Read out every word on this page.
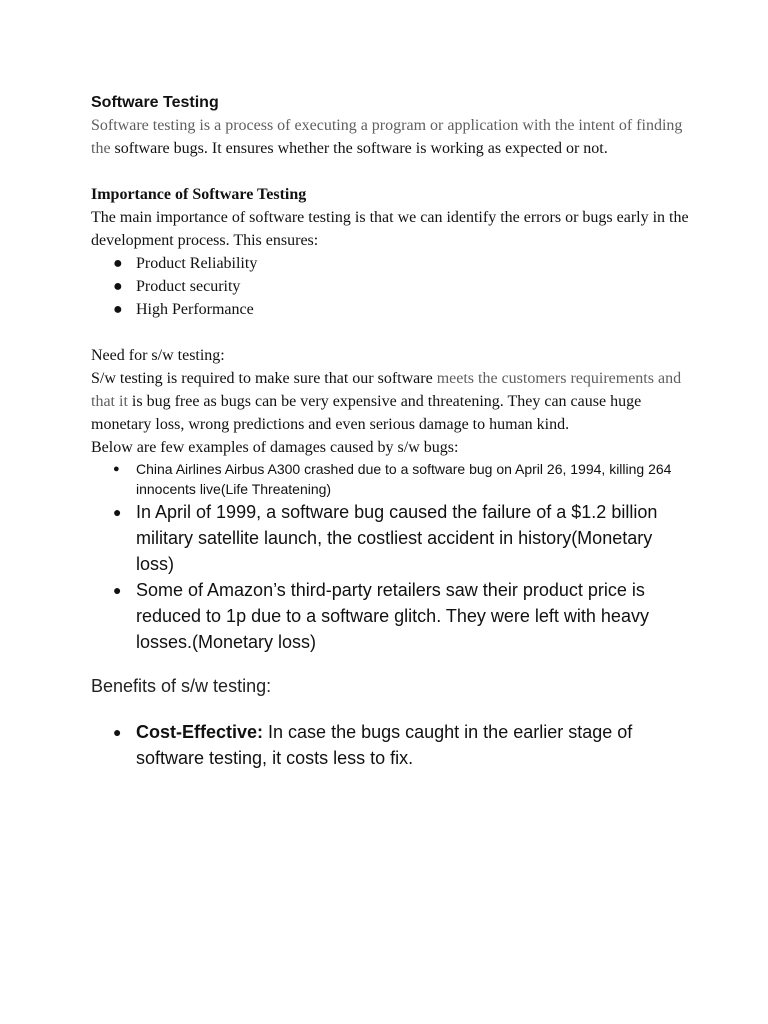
Software Testing

Software testing is a process of executing a program or application with the intent of finding the software bugs. It ensures whether the software is working as expected or not.

Importance of Software Testing

The main importance of software testing is that we can identify the errors or bugs early in the development process. This ensures:

● Product Reliability
● Product security
● High Performance

Need for s/w testing:

S/w testing is required to make sure that our software meets the customers requirements and that it is bug free as bugs can be very expensive and threatening. They can cause huge monetary loss, wrong predictions and even serious damage to human kind.

Below are few examples of damages caused by s/w bugs:

● China Airlines Airbus A300 crashed due to a software bug on April 26, 1994, killing 264 innocents live(Life Threatening)
● In April of 1999, a software bug caused the failure of a $1.2 billion military satellite launch, the costliest accident in history(Monetary loss)
● Some of Amazon’s third-party retailers saw their product price is reduced to 1p due to a software glitch. They were left with heavy losses.(Monetary loss)

Benefits of s/w testing:

● Cost-Effective: In case the bugs caught in the earlier stage of software testing, it costs less to fix.
